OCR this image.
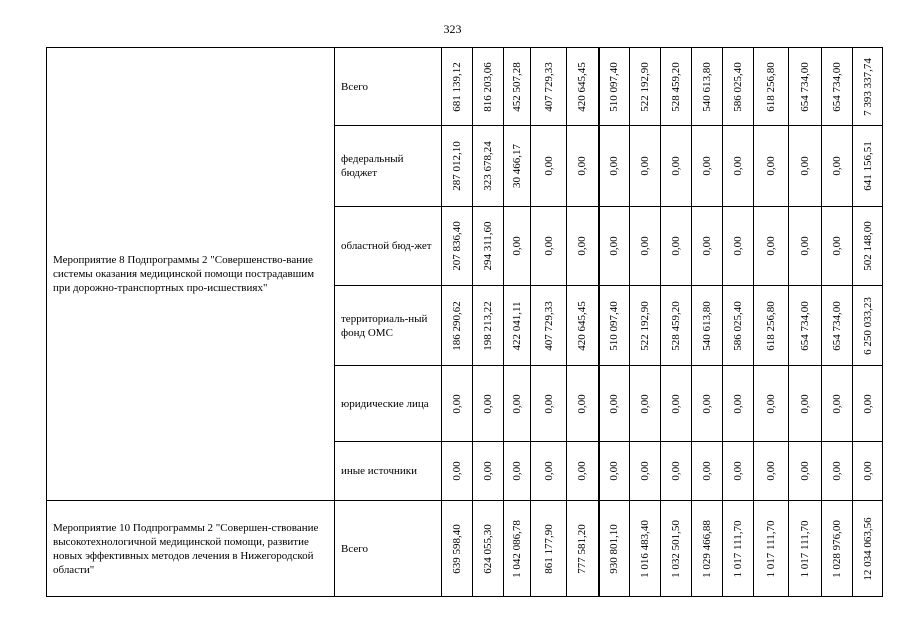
323
Мероприятие 8 Подпрограммы 2 "Совершенство-вание системы оказания медицинской помощи пострадавшим при дорожно-транспортных про-исшествиях"	Всего	681 139,12	816 203,06	452 507,28	407 729,33	420 645,45	510 097,40	522 192,90	528 459,20	540 613,80	586 025,40	618 256,80	654 734,00	654 734,00	7 393 337,74

	федеральный бюджет	287 012,10	323 678,24	30 466,17	0,00	0,00	0,00	0,00	0,00	0,00	0,00	0,00	0,00	0,00	641 156,51

	областной бюд-жет	207 836,40	294 311,60	0,00	0,00	0,00	0,00	0,00	0,00	0,00	0,00	0,00	0,00	0,00	502 148,00

	территориаль-ный фонд ОМС	186 290,62	198 213,22	422 041,11	407 729,33	420 645,45	510 097,40	522 192,90	528 459,20	540 613,80	586 025,40	618 256,80	654 734,00	654 734,00	6 250 033,23

	юридические лица	0,00	0,00	0,00	0,00	0,00	0,00	0,00	0,00	0,00	0,00	0,00	0,00	0,00	0,00

	иные источники	0,00	0,00	0,00	0,00	0,00	0,00	0,00	0,00	0,00	0,00	0,00	0,00	0,00	0,00

Мероприятие 10 Подпрограммы 2 "Совершен-ствование высокотехнологичной медицинской помощи, развитие новых эффективных методов лечения в Нижегородской области"	Всего	639 598,40	624 055,30	1 042 086,78	861 177,90	777 581,20	930 801,10	1 016 483,40	1 032 501,50	1 029 466,88	1 017 111,70	1 017 111,70	1 017 111,70	1 028 976,00	12 034 063,56
